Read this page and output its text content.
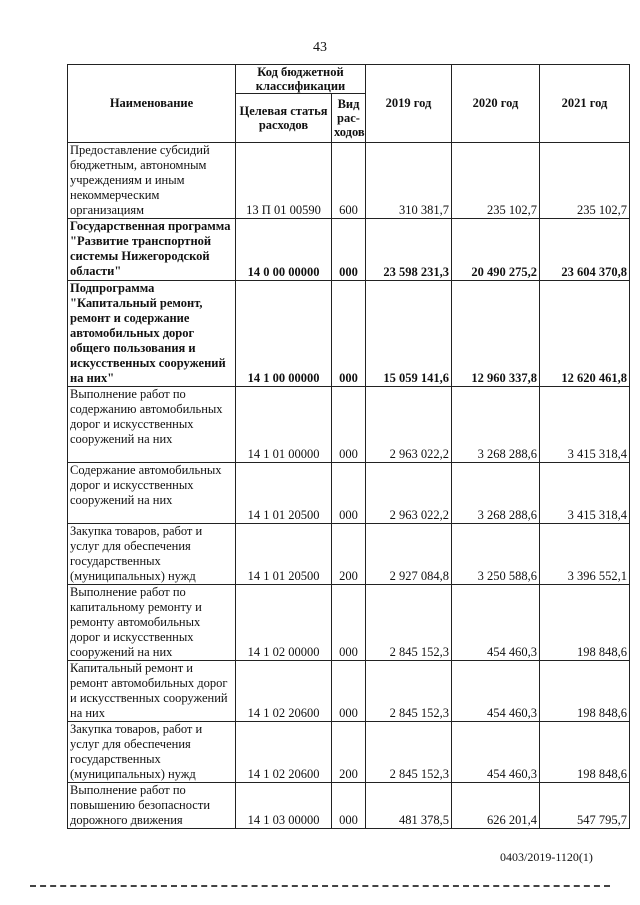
43
Наименование	Код бюджетной классификации		2019 год	2020 год	2021 год
	Целевая статья расходов	Вид рас-ходов			
Предоставление субсидий бюджетным, автономным учреждениям и иным некоммерческим организациям	13 П 01 00590	600	310 381,7	235 102,7	235 102,7
Государственная программа "Развитие транспортной системы Нижегородской области"	14 0 00 00000	000	23 598 231,3	20 490 275,2	23 604 370,8
Подпрограмма "Капитальный ремонт, ремонт и содержание автомобильных дорог общего пользования и искусственных сооружений на них"	14 1 00 00000	000	15 059 141,6	12 960 337,8	12 620 461,8
Выполнение работ по содержанию автомобильных дорог и искусственных сооружений на них	14 1 01 00000	000	2 963 022,2	3 268 288,6	3 415 318,4
Содержание автомобильных дорог и искусственных сооружений на них	14 1 01 20500	000	2 963 022,2	3 268 288,6	3 415 318,4
Закупка товаров, работ и услуг для обеспечения государственных (муниципальных) нужд	14 1 01 20500	200	2 927 084,8	3 250 588,6	3 396 552,1
Выполнение работ по капитальному ремонту и ремонту автомобильных дорог и искусственных сооружений на них	14 1 02 00000	000	2 845 152,3	454 460,3	198 848,6
Капитальный ремонт и ремонт автомобильных дорог и искусственных сооружений на них	14 1 02 20600	000	2 845 152,3	454 460,3	198 848,6
Закупка товаров, работ и услуг для обеспечения государственных (муниципальных) нужд	14 1 02 20600	200	2 845 152,3	454 460,3	198 848,6
Выполнение работ по повышению безопасности дорожного движения	14 1 03 00000	000	481 378,5	626 201,4	547 795,7
0403/2019-1120(1)
